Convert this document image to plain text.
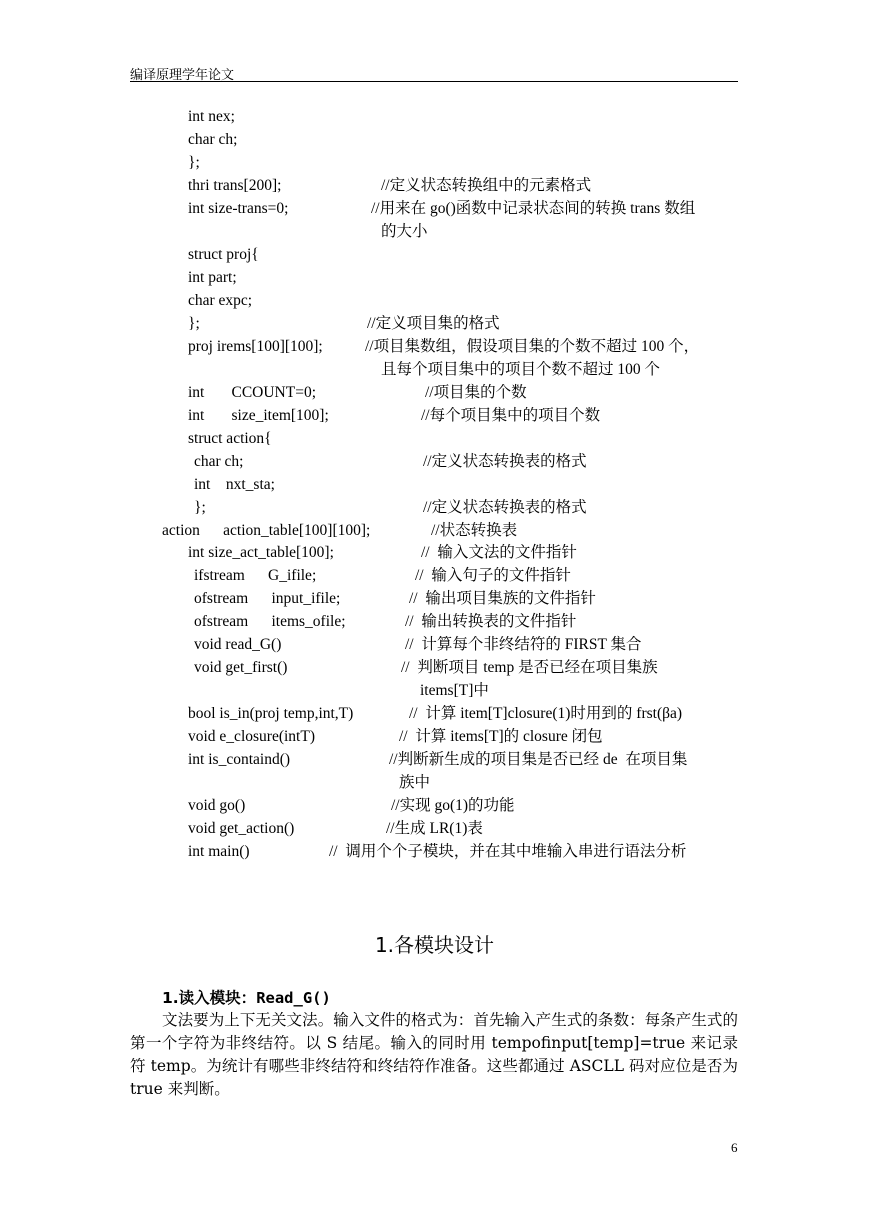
编译原理学年论文
int nex;
char ch;
};
thri trans[200];	//定义状态转换组中的元素格式
int size-trans=0;	//用来在 go()函数中记录状态间的转换 trans 数组
的大小
struct proj{
int part;
char expc;
};	//定义项目集的格式
proj irems[100][100];	//项目集数组，假设项目集的个数不超过 100 个，
且每个项目集中的项目个数不超过 100 个
int       CCOUNT=0;	//项目集的个数
int       size_item[100];	//每个项目集中的项目个数
struct action{
char ch;	//定义状态转换表的格式
int    nxt_sta;
};	//定义状态转换表的格式
action      action_table[100][100];	//状态转换表
int size_act_table[100];	//  输入文法的文件指针
ifstream      G_ifile;	//  输入句子的文件指针
ofstream      input_ifile;	//  输出项目集族的文件指针
ofstream      items_ofile;	//  输出转换表的文件指针
void read_G()	//  计算每个非终结符的 FIRST 集合
void get_first()	//  判断项目 temp 是否已经在项目集族
items[T]中
bool is_in(proj temp,int,T)	//  计算 item[T]closure(1)时用到的 frst(βa)
void e_closure(intT)	//  计算 items[T]的 closure 闭包
int is_containd()	//判断新生成的项目集是否已经 de  在项目集
族中
void go()	//实现 go(1)的功能
void get_action()	//生成 LR(1)表
int main()	//  调用个个子模块，并在其中堆输入串进行语法分析
1.各模块设计
1.读入模块：Read_G()
文法要为上下无关文法。输入文件的格式为：首先输入产生式的条数：每条产生式的第一个字符为非终结符。以 S 结尾。输入的同时用 tempofinput[temp]=true 来记录符 temp。为统计有哪些非终结符和终结符作准备。这些都通过 ASCLL 码对应位是否为 true 来判断。
6
